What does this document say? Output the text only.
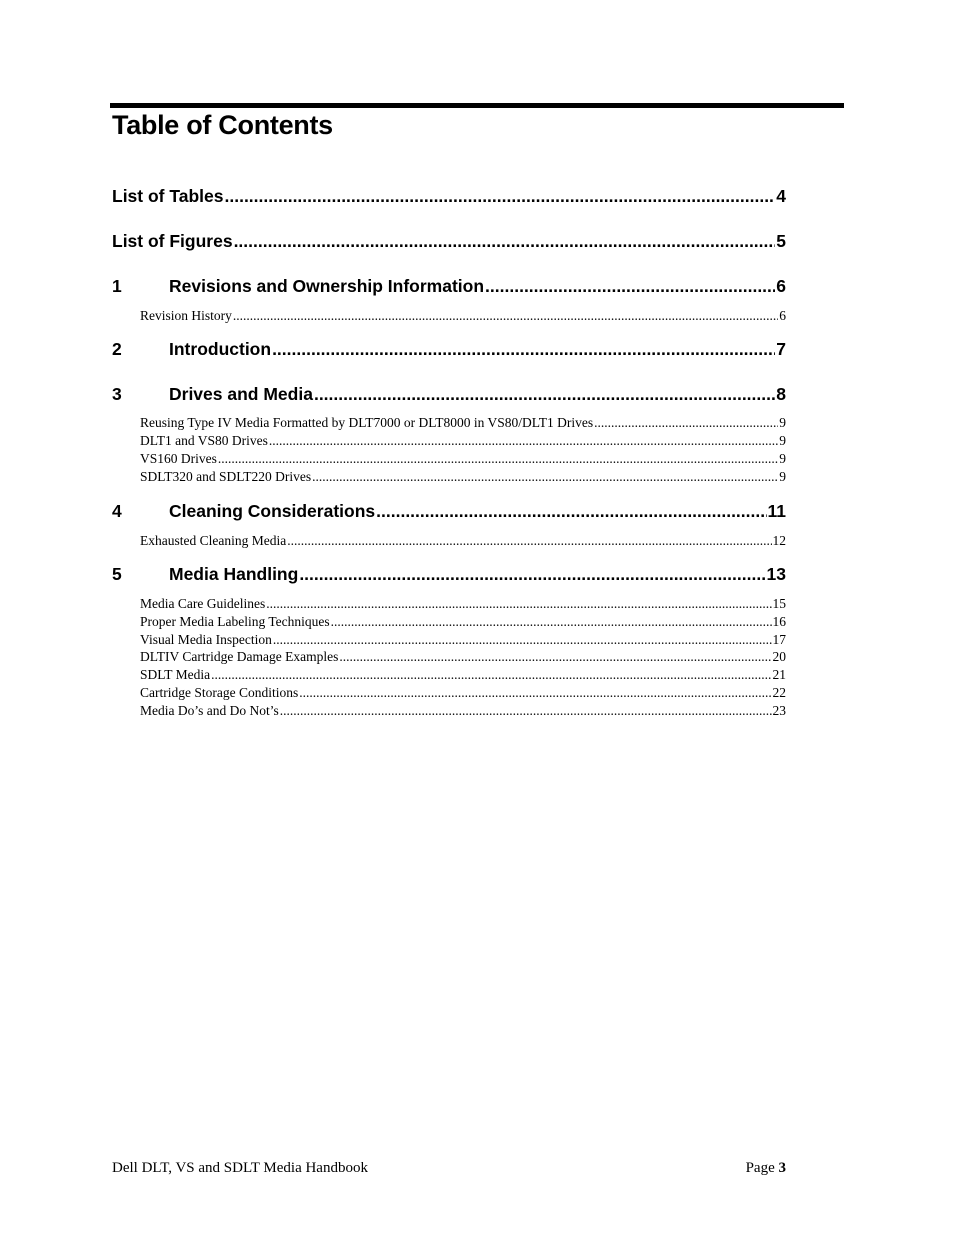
Table of Contents
List of Tables .....	4
List of Figures .....	5
1	Revisions and Ownership Information .....	6
Revision History .....	6
2	Introduction .....	7
3	Drives and Media .....	8
Reusing Type IV Media Formatted by DLT7000 or DLT8000 in VS80/DLT1 Drives .....	9
DLT1 and VS80 Drives .....	9
VS160 Drives .....	9
SDLT320 and SDLT220 Drives .....	9
4	Cleaning Considerations .....	11
Exhausted Cleaning Media .....	12
5	Media Handling .....	13
Media Care Guidelines .....	15
Proper Media Labeling Techniques .....	16
Visual Media Inspection .....	17
DLTIV Cartridge Damage Examples .....	20
SDLT Media .....	21
Cartridge Storage Conditions .....	22
Media Do’s and Do Not’s .....	23
Dell DLT, VS and SDLT Media Handbook	Page 3
